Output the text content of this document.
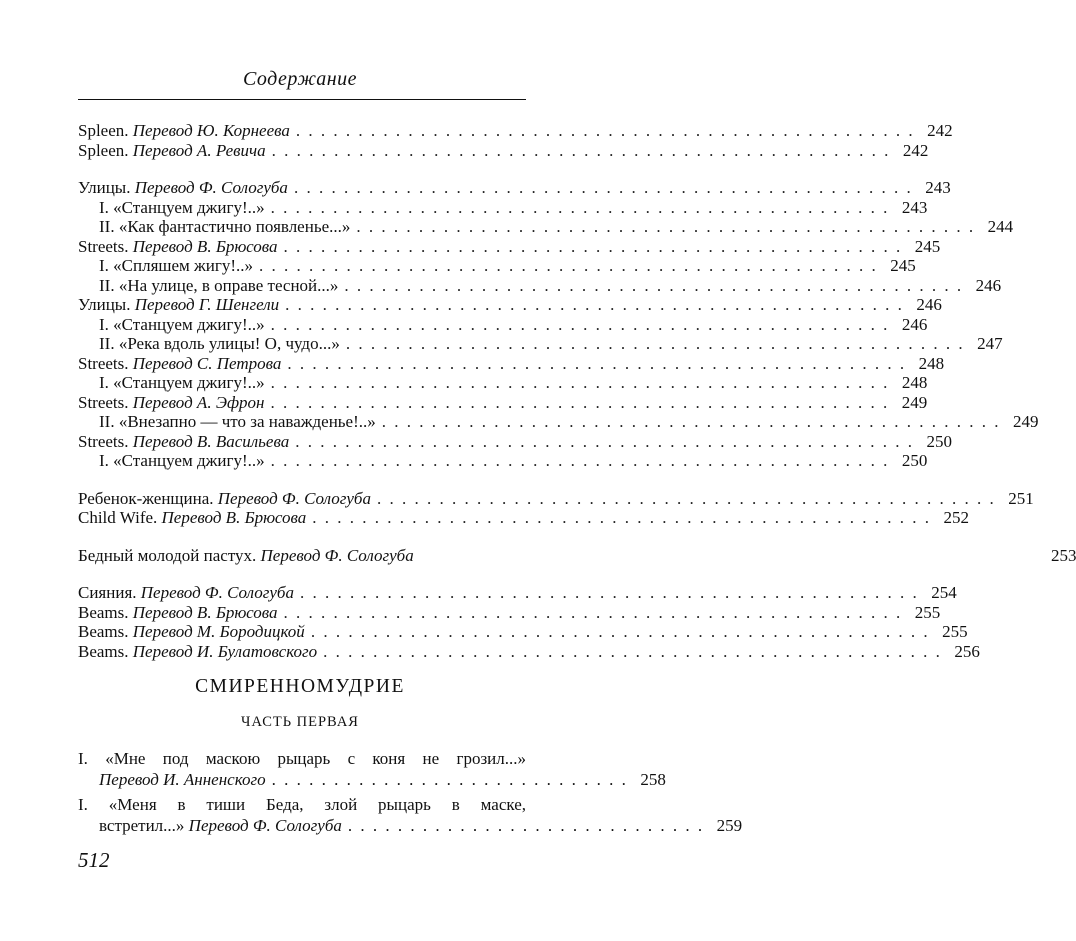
Содержание
Spleen. Перевод Ю. Корнеева . . .	242
Spleen. Перевод А. Ревича . . .	242
Улицы. Перевод Ф. Сологуба . . .	243
I. «Станцуем джигу!..» . . .	243
II. «Как фантастично появленье...» . . .	244
Streets. Перевод В. Брюсова . . .	245
I. «Спляшем жигу!..» . . .	245
II. «На улице, в оправе тесной...» . . .	246
Улицы. Перевод Г. Шенгели . . .	246
I. «Станцуем джигу!..» . . .	246
II. «Река вдоль улицы! О, чудо...» . . .	247
Streets. Перевод С. Петрова . . .	248
I. «Станцуем джигу!..» . . .	248
Streets. Перевод А. Эфрон . . .	249
II. «Внезапно — что за наважденье!..» . . .	249
Streets. Перевод В. Васильева . . .	250
I. «Станцуем джигу!..» . . .	250
Ребенок-женщина. Перевод Ф. Сологуба . . .	251
Child Wife. Перевод В. Брюсова . . .	252
Бедный молодой пастух. Перевод Ф. Сологуба	253
Сияния. Перевод Ф. Сологуба . . .	254
Beams. Перевод В. Брюсова . . .	255
Beams. Перевод М. Бородицкой . . .	255
Beams. Перевод И. Булатовского . . .	256
СМИРЕННОМУДРИЕ
ЧАСТЬ ПЕРВАЯ
I. «Мне под маскою рыцарь с коня не грозил...»
Перевод И. Анненского . . .	258
I. «Меня в тиши Беда, злой рыцарь в маске,
встретил...» Перевод Ф. Сологуба . . .	259
512
